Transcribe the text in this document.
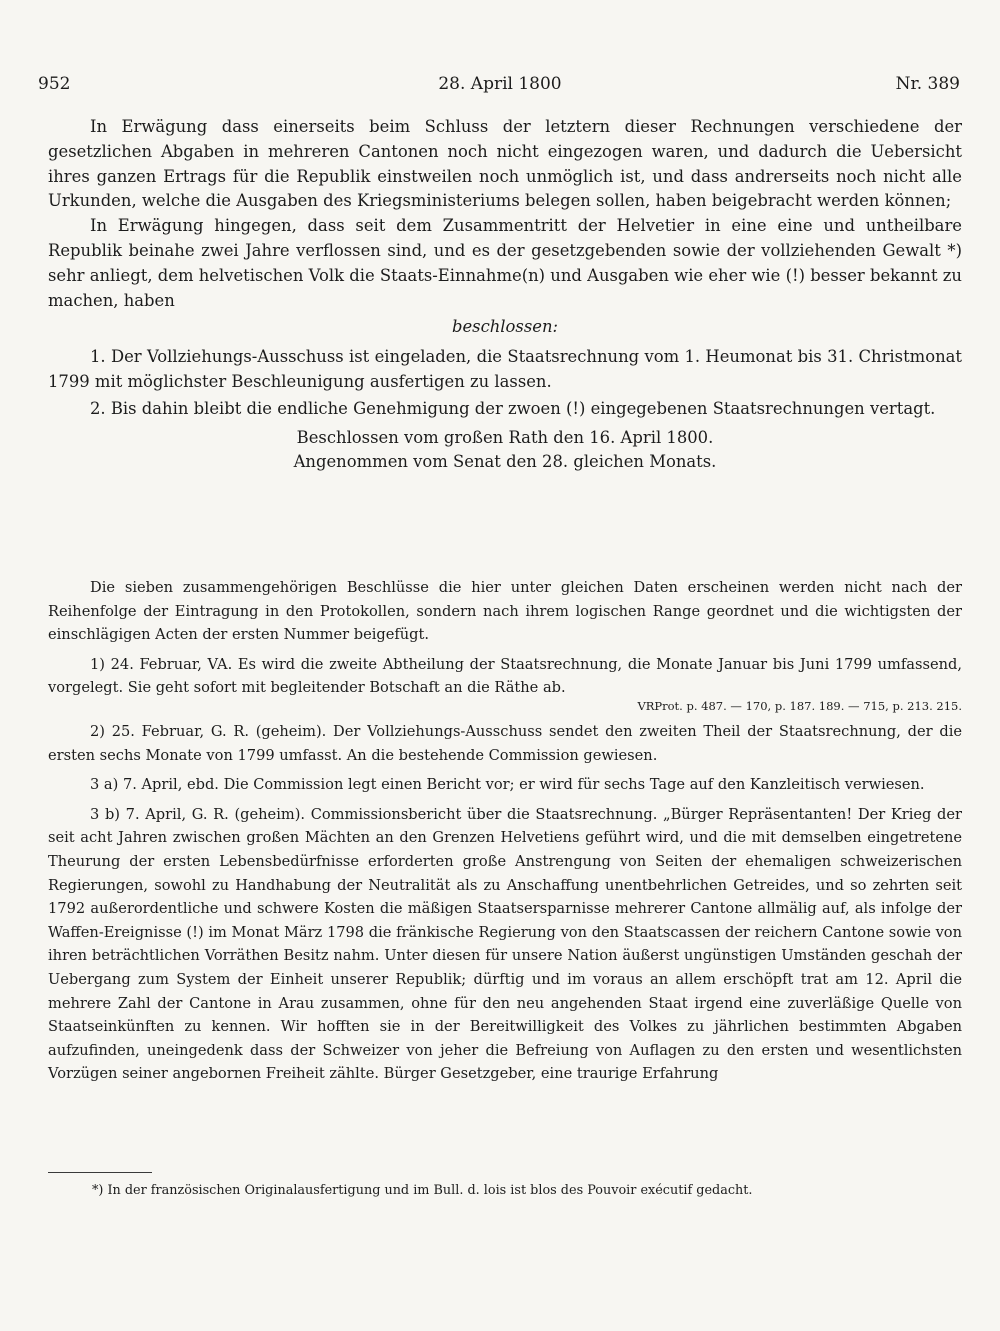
952	28. April 1800	Nr. 389

In Erwägung dass einerseits beim Schluss der letztern dieser Rechnungen verschiedene der gesetzlichen Abgaben in mehreren Cantonen noch nicht eingezogen waren, und dadurch die Uebersicht ihres ganzen Ertrags für die Republik einstweilen noch unmöglich ist, und dass andrerseits noch nicht alle Urkunden, welche die Ausgaben des Kriegsministeriums belegen sollen, haben beigebracht werden können;

In Erwägung hingegen, dass seit dem Zusammentritt der Helvetier in eine eine und untheilbare Republik beinahe zwei Jahre verflossen sind, und es der gesetzgebenden sowie der vollziehenden Gewalt *) sehr anliegt, dem helvetischen Volk die Staats-Einnahme(n) und Ausgaben wie eher wie (!) besser bekannt zu machen, haben

beschlossen:

1. Der Vollziehungs-Ausschuss ist eingeladen, die Staatsrechnung vom 1. Heumonat bis 31. Christmonat 1799 mit möglichster Beschleunigung ausfertigen zu lassen.

2. Bis dahin bleibt die endliche Genehmigung der zwoen (!) eingegebenen Staatsrechnungen vertagt.

Beschlossen vom großen Rath den 16. April 1800.

Angenommen vom Senat den 28. gleichen Monats.

Die sieben zusammengehörigen Beschlüsse die hier unter gleichen Daten erscheinen werden nicht nach der Reihenfolge der Eintragung in den Protokollen, sondern nach ihrem logischen Range geordnet und die wichtigsten der einschlägigen Acten der ersten Nummer beigefügt.

1) 24. Februar, VA. Es wird die zweite Abtheilung der Staatsrechnung, die Monate Januar bis Juni 1799 umfassend, vorgelegt. Sie geht sofort mit begleitender Botschaft an die Räthe ab.

VRProt. p. 487. — 170, p. 187. 189. — 715, p. 213. 215.

2) 25. Februar, G. R. (geheim). Der Vollziehungs-Ausschuss sendet den zweiten Theil der Staatsrechnung, der die ersten sechs Monate von 1799 umfasst. An die bestehende Commission gewiesen.

3 a) 7. April, ebd. Die Commission legt einen Bericht vor; er wird für sechs Tage auf den Kanzleitisch verwiesen.

3 b) 7. April, G. R. (geheim). Commissionsbericht über die Staatsrechnung. „Bürger Repräsentanten! Der Krieg der seit acht Jahren zwischen großen Mächten an den Grenzen Helvetiens geführt wird, und die mit demselben eingetretene Theurung der ersten Lebensbedürfnisse erforderten große Anstrengung von Seiten der ehemaligen schweizerischen Regierungen, sowohl zu Handhabung der Neutralität als zu Anschaffung unentbehrlichen Getreides, und so zehrten seit 1792 außerordentliche und schwere Kosten die mäßigen Staatsersparnisse mehrerer Cantone allmälig auf, als infolge der Waffen-Ereignisse (!) im Monat März 1798 die fränkische Regierung von den Staatscassen der reichern Cantone sowie von ihren beträchtlichen Vorräthen Besitz nahm. Unter diesen für unsere Nation äußerst ungünstigen Umständen geschah der Uebergang zum System der Einheit unserer Republik; dürftig und im voraus an allem erschöpft trat am 12. April die mehrere Zahl der Cantone in Arau zusammen, ohne für den neu angehenden Staat irgend eine zuverläßige Quelle von Staatseinkünften zu kennen. Wir hofften sie in der Bereitwilligkeit des Volkes zu jährlichen bestimmten Abgaben aufzufinden, uneingedenk dass der Schweizer von jeher die Befreiung von Auflagen zu den ersten und wesentlichsten Vorzügen seiner angebornen Freiheit zählte. Bürger Gesetzgeber, eine traurige Erfahrung

*) In der französischen Originalausfertigung und im Bull. d. lois ist blos des Pouvoir exécutif gedacht.
